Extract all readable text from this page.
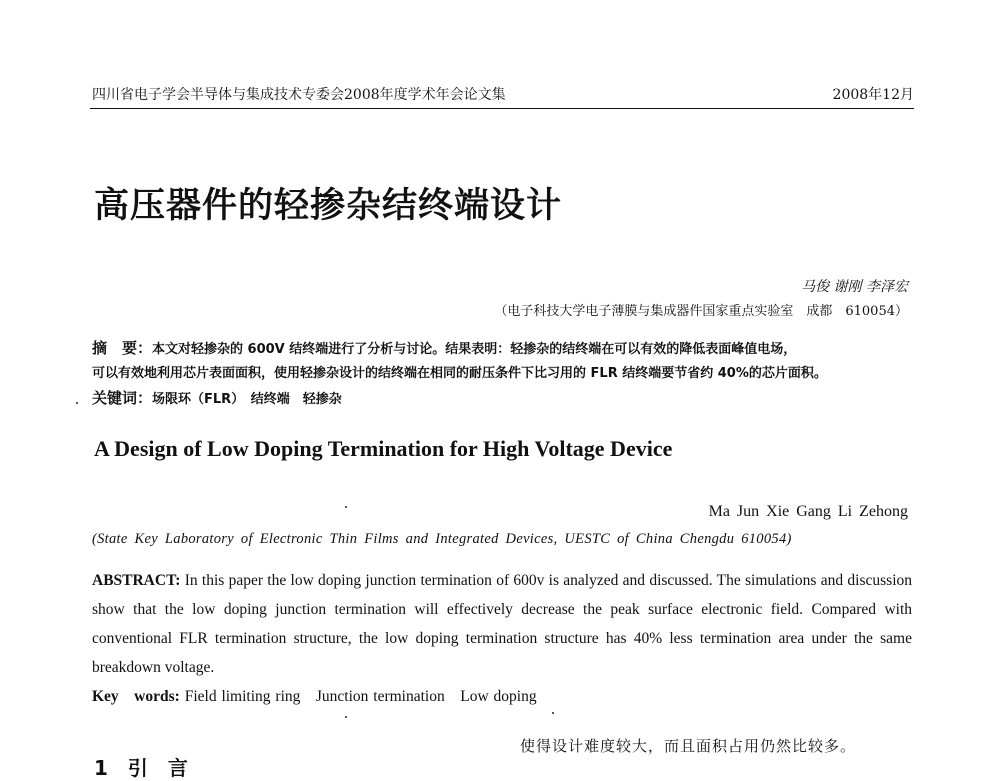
四川省电子学会半导体与集成技术专委会2008年度学术年会论文集	2008年12月
高压器件的轻掺杂结终端设计
马俊 谢刚 李泽宏
（电子科技大学电子薄膜与集成器件国家重点实验室　成都　610054）
摘　要：本文对轻掺杂的 600V 结终端进行了分析与讨论。结果表明：轻掺杂的结终端在可以有效的降低表面峰值电场，
可以有效地利用芯片表面面积，使用轻掺杂设计的结终端在相同的耐压条件下比习用的 FLR 结终端要节省约 40%的芯片面积。
关键词：场限环（FLR）　结终端　轻掺杂
A Design of Low Doping Termination for High Voltage Device
Ma Jun Xie Gang Li Zehong
(State Key Laboratory of Electronic Thin Films and Integrated Devices, UESTC of China Chengdu 610054)
ABSTRACT: In this paper the low doping junction termination of 600v is analyzed and discussed. The simulations and discussion show that the low doping junction termination will effectively decrease the peak surface electronic field. Compared with conventional FLR termination structure, the low doping termination structure has 40% less termination area under the same breakdown voltage.
Key　words: Field limiting ring　Junction termination　Low doping
使得设计难度较大，而且面积占用仍然比较多。
1　引　言
